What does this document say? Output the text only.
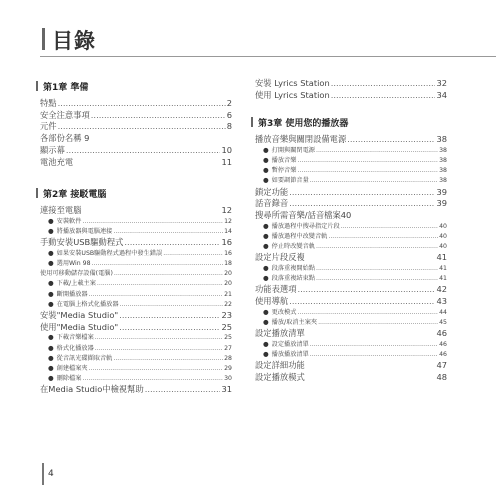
目錄
第1章 準備
特點 .....	2
安全注意事項 .....	6
元件 .....	8
各部份名稱 9
顯示幕 .....	10
電池充電	11
第2章 接駁電腦
連接至電腦	12
● 安裝軟件 .....	12
● 將播放器與電腦連接 .....	14
手動安裝USB驅動程式 .....	16
● 如果安裝USB驅動程式過程中發生錯誤 .....	16
● 選用Win 98 .....	18
使用可移動儲存設備(電腦) .....	20
● 下載/上載主案 .....	20
● 斷開播放器 .....	21
● 在電腦上格式化播放器 .....	22
安裝"Media Studio" .....	23
使用"Media Studio" .....	25
● 下載音樂檔案 .....	25
● 格式化播放器 .....	27
● 從音訊光碟擷取音軌 .....	28
● 創建檔案夾 .....	29
● 刪除檔案 .....	30
在Media Studio中檢視幫助 .....	31
安裝 Lyrics Station .....	32
使用 Lyrics Station .....	34
第3章 使用您的播放器
播放音樂與關閉設備電源 .....	38
● 打開與關閉電源 .....	38
● 播放音樂 .....	38
● 暫停音樂 .....	38
● 如要調節音量 .....	38
鎖定功能 .....	39
話音錄音 .....	39
搜尋所需音樂/話音檔案40
● 播放過程中搜尋指定片段 .....	40
● 播放過程中改變音軌 .....	40
● 停止時改變音軌 .....	40
設定片段反複	41
● 段落重複開始點 .....	41
● 段落重複結束點 .....	41
功能表選項 .....	42
使用導航 .....	43
● 更改模式 .....	44
● 播放/取消主案夾 .....	45
設定播放清單	46
● 設定播放清單 .....	46
● 播放播放清單 .....	46
設定詳細功能	47
設定播放模式	48
4
